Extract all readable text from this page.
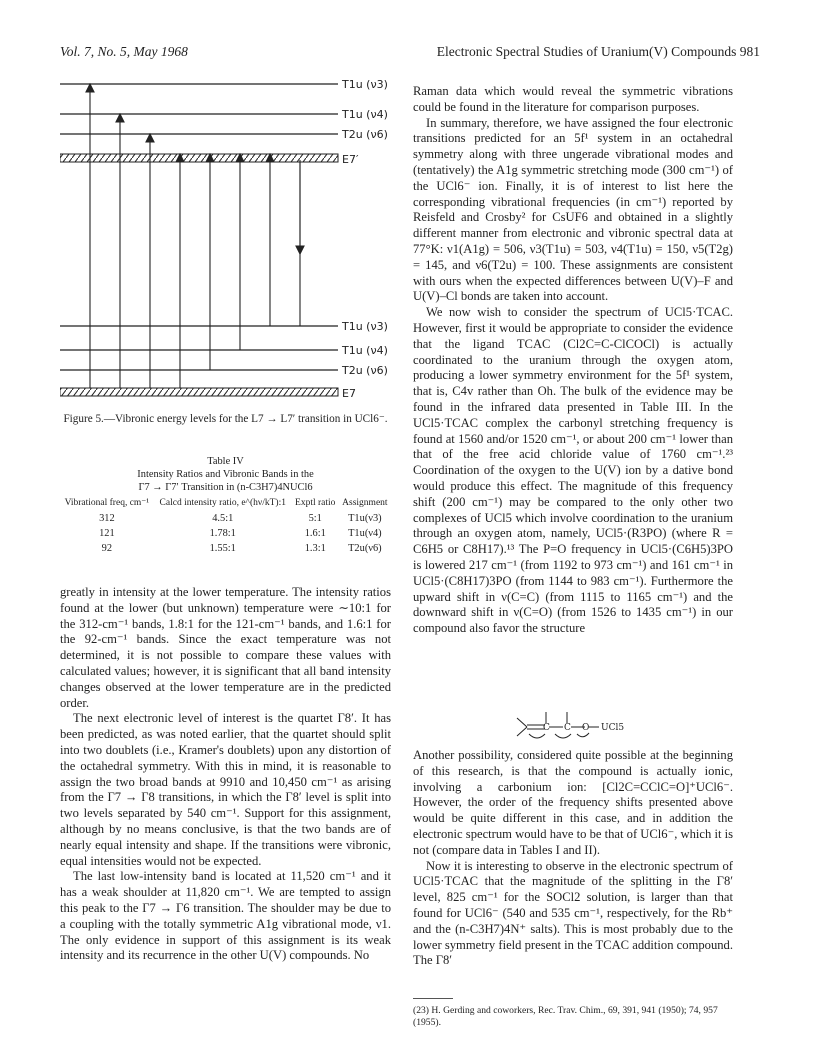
Vol. 7, No. 5, May 1968	Electronic Spectral Studies of Uranium(V) Compounds 981
T1u (ν3)
T1u (ν4)
T2u (ν6)
E7′
T1u (ν3)
T1u (ν4)
T2u (ν6)
E7
Figure 5.—Vibronic energy levels for the L7 → L7′ transition in UCl6⁻.
Table IV
Intensity Ratios and Vibronic Bands in the
Γ7 → Γ7′ Transition in (n-C3H7)4NUCl6
Vibrational freq, cm⁻¹	Calcd intensity ratio, e^(hν/kT):1	Exptl ratio	Assignment
312	4.5:1	5:1	T1u(ν3)
121	1.78:1	1.6:1	T1u(ν4)
92	1.55:1	1.3:1	T2u(ν6)

greatly in intensity at the lower temperature. The intensity ratios found at the lower (but unknown) temperature were ∼10:1 for the 312-cm⁻¹ bands, 1.8:1 for the 121-cm⁻¹ bands, and 1.6:1 for the 92-cm⁻¹ bands. Since the exact temperature was not determined, it is not possible to compare these values with calculated values; however, it is significant that all band intensity changes observed at the lower temperature are in the predicted order.

The next electronic level of interest is the quartet Γ8′. It has been predicted, as was noted earlier, that the quartet should split into two doublets (i.e., Kramer's doublets) upon any distortion of the octahedral symmetry. With this in mind, it is reasonable to assign the two broad bands at 9910 and 10,450 cm⁻¹ as arising from the Γ7 → Γ8 transitions, in which the Γ8′ level is split into two levels separated by 540 cm⁻¹. Support for this assignment, although by no means conclusive, is that the two bands are of nearly equal intensity and shape. If the transitions were vibronic, equal intensities would not be expected.

The last low-intensity band is located at 11,520 cm⁻¹ and it has a weak shoulder at 11,820 cm⁻¹. We are tempted to assign this peak to the Γ7 → Γ6 transition. The shoulder may be due to a coupling with the totally symmetric A1g vibrational mode, ν1. The only evidence in support of this assignment is its weak intensity and its recurrence in the other U(V) compounds. No

Raman data which would reveal the symmetric vibrations could be found in the literature for comparison purposes.

In summary, therefore, we have assigned the four electronic transitions predicted for an 5f¹ system in an octahedral symmetry along with three ungerade vibrational modes and (tentatively) the A1g symmetric stretching mode (300 cm⁻¹) of the UCl6⁻ ion. Finally, it is of interest to list here the corresponding vibrational frequencies (in cm⁻¹) reported by Reisfeld and Crosby² for CsUF6 and obtained in a slightly different manner from electronic and vibronic spectral data at 77°K: ν1(A1g) = 506, ν3(T1u) = 503, ν4(T1u) = 150, ν5(T2g) = 145, and ν6(T2u) = 100. These assignments are consistent with ours when the expected differences between U(V)–F and U(V)–Cl bonds are taken into account.

We now wish to consider the spectrum of UCl5·TCAC. However, first it would be appropriate to consider the evidence that the ligand TCAC (Cl2C=C-ClCOCl) is actually coordinated to the uranium through the oxygen atom, producing a lower symmetry environment for the 5f¹ system, that is, C4v rather than Oh. The bulk of the evidence may be found in the infrared data presented in Table III. In the UCl5·TCAC complex the carbonyl stretching frequency is found at 1560 and/or 1520 cm⁻¹, or about 200 cm⁻¹ lower than that of the free acid chloride value of 1760 cm⁻¹.²³ Coordination of the oxygen to the U(V) ion by a dative bond would produce this effect. The magnitude of this frequency shift (200 cm⁻¹) may be compared to the only other two complexes of UCl5 which involve coordination to the uranium through an oxygen atom, namely, UCl5·(R3PO) (where R = C6H5 or C8H17).¹³ The P=O frequency in UCl5·(C6H5)3PO is lowered 217 cm⁻¹ (from 1192 to 973 cm⁻¹) and 161 cm⁻¹ in UCl5·(C8H17)3PO (from 1144 to 983 cm⁻¹). Furthermore the upward shift in ν(C=C) (from 1115 to 1165 cm⁻¹) and the downward shift in ν(C=O) (from 1526 to 1435 cm⁻¹) in our compound also favor the structure

C C O UCl5

Another possibility, considered quite possible at the beginning of this research, is that the compound is actually ionic, involving a carbonium ion: [Cl2C=CClC=O]⁺UCl6⁻. However, the order of the frequency shifts presented above would be quite different in this case, and in addition the electronic spectrum would have to be that of UCl6⁻, which it is not (compare data in Tables I and II).

Now it is interesting to observe in the electronic spectrum of UCl5·TCAC that the magnitude of the splitting in the Γ8′ level, 825 cm⁻¹ for the SOCl2 solution, is larger than that found for UCl6⁻ (540 and 535 cm⁻¹, respectively, for the Rb⁺ and the (n-C3H7)4N⁺ salts). This is most probably due to the lower symmetry field present in the TCAC addition compound. The Γ8′

(23) H. Gerding and coworkers, Rec. Trav. Chim., 69, 391, 941 (1950); 74, 957 (1955).
